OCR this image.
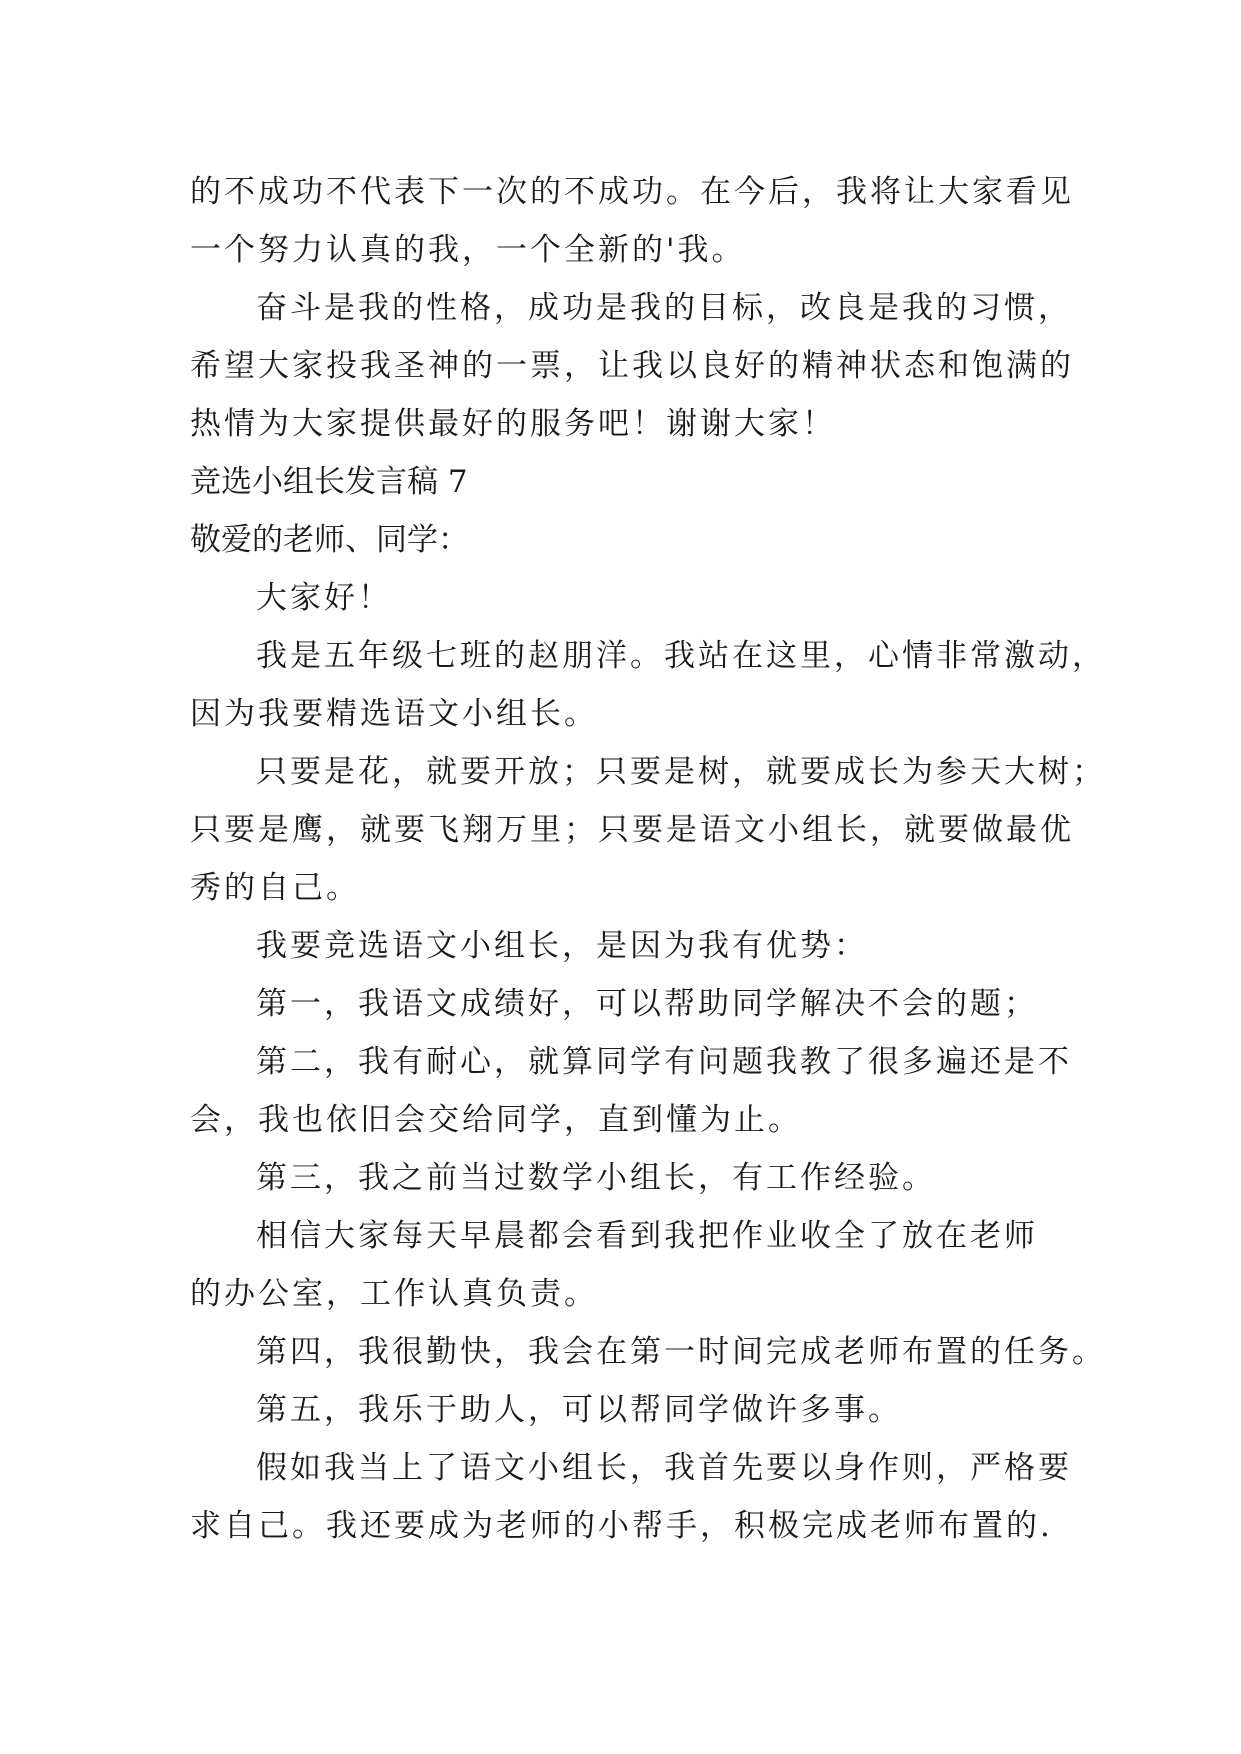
的不成功不代表下一次的不成功。在今后，我将让大家看见
一个努力认真的我，一个全新的'我。
奋斗是我的性格，成功是我的目标，改良是我的习惯，
希望大家投我圣神的一票，让我以良好的精神状态和饱满的
热情为大家提供最好的服务吧！谢谢大家！
竞选小组长发言稿 7
敬爱的老师、同学：
大家好！
我是五年级七班的赵朋洋。我站在这里，心情非常激动，
因为我要精选语文小组长。
只要是花，就要开放；只要是树，就要成长为参天大树；
只要是鹰，就要飞翔万里；只要是语文小组长，就要做最优
秀的自己。
我要竞选语文小组长，是因为我有优势：
第一，我语文成绩好，可以帮助同学解决不会的题；
第二，我有耐心，就算同学有问题我教了很多遍还是不
会，我也依旧会交给同学，直到懂为止。
第三，我之前当过数学小组长，有工作经验。
相信大家每天早晨都会看到我把作业收全了放在老师
的办公室，工作认真负责。
第四，我很勤快，我会在第一时间完成老师布置的任务。
第五，我乐于助人，可以帮同学做许多事。
假如我当上了语文小组长，我首先要以身作则，严格要
求自己。我还要成为老师的小帮手，积极完成老师布置的.
